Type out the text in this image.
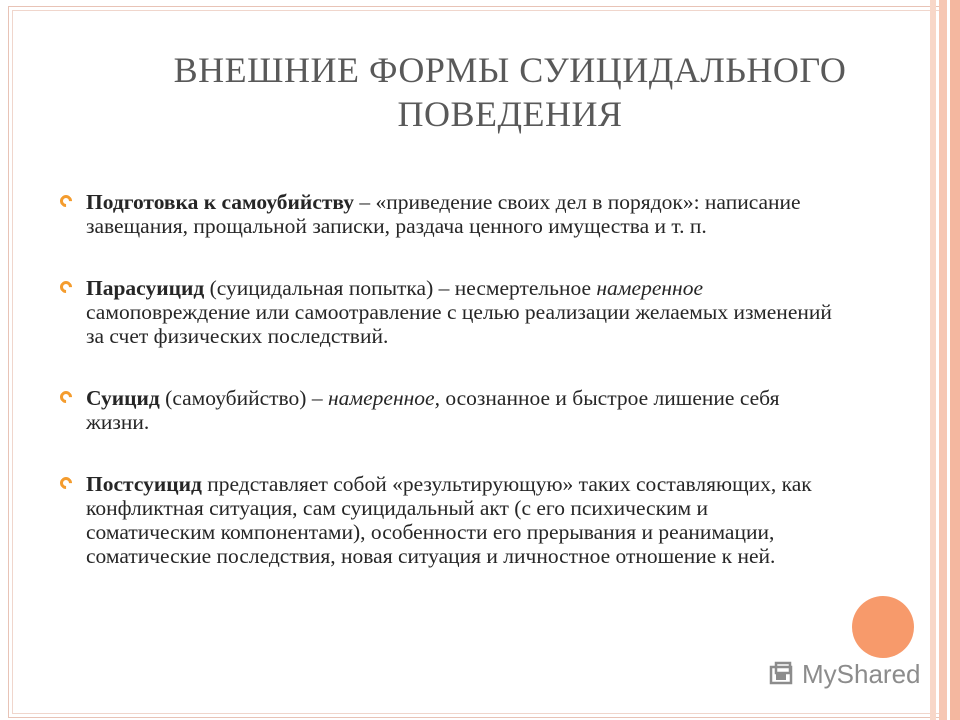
ВНЕШНИЕ ФОРМЫ СУИЦИДАЛЬНОГО
ПОВЕДЕНИЯ
Подготовка к самоубийству – «приведение своих дел в порядок»: написание завещания, прощальной записки, раздача ценного имущества и т. п.
Парасуицид (суицидальная попытка) – несмертельное намеренное самоповреждение или самоотравление с целью реализации желаемых изменений за счет физических последствий.
Суицид (самоубийство) – намеренное, осознанное и быстрое лишение себя жизни.
Постсуицид представляет собой «результирующую» таких составляющих, как конфликтная ситуация, сам суицидальный акт (с его психическим и соматическим компонентами), особенности его прерывания и реанимации, соматические последствия, новая ситуация и личностное отношение к ней.
MyShared
